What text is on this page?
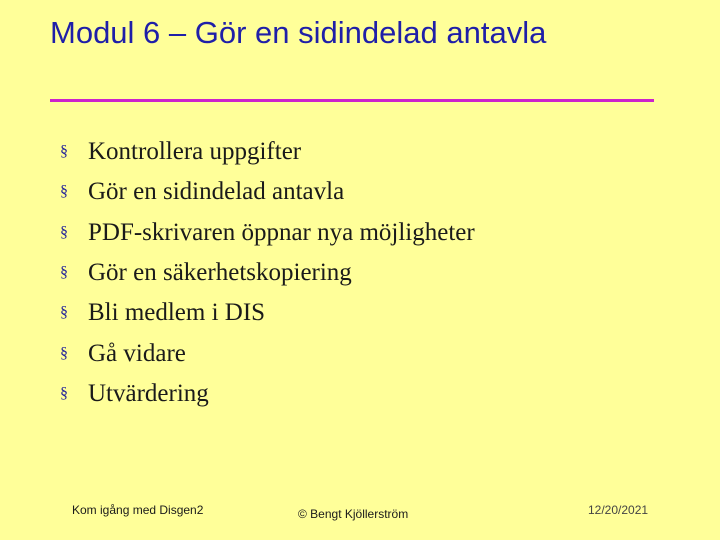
Modul 6 – Gör en sidindelad antavla
§ Kontrollera uppgifter
§ Gör en sidindelad antavla
§ PDF-skrivaren öppnar nya möjligheter
§ Gör en säkerhetskopiering
§ Bli medlem i DIS
§ Gå vidare
§ Utvärdering
Kom igång med Disgen2	© Bengt Kjöllerström	12/20/2021
